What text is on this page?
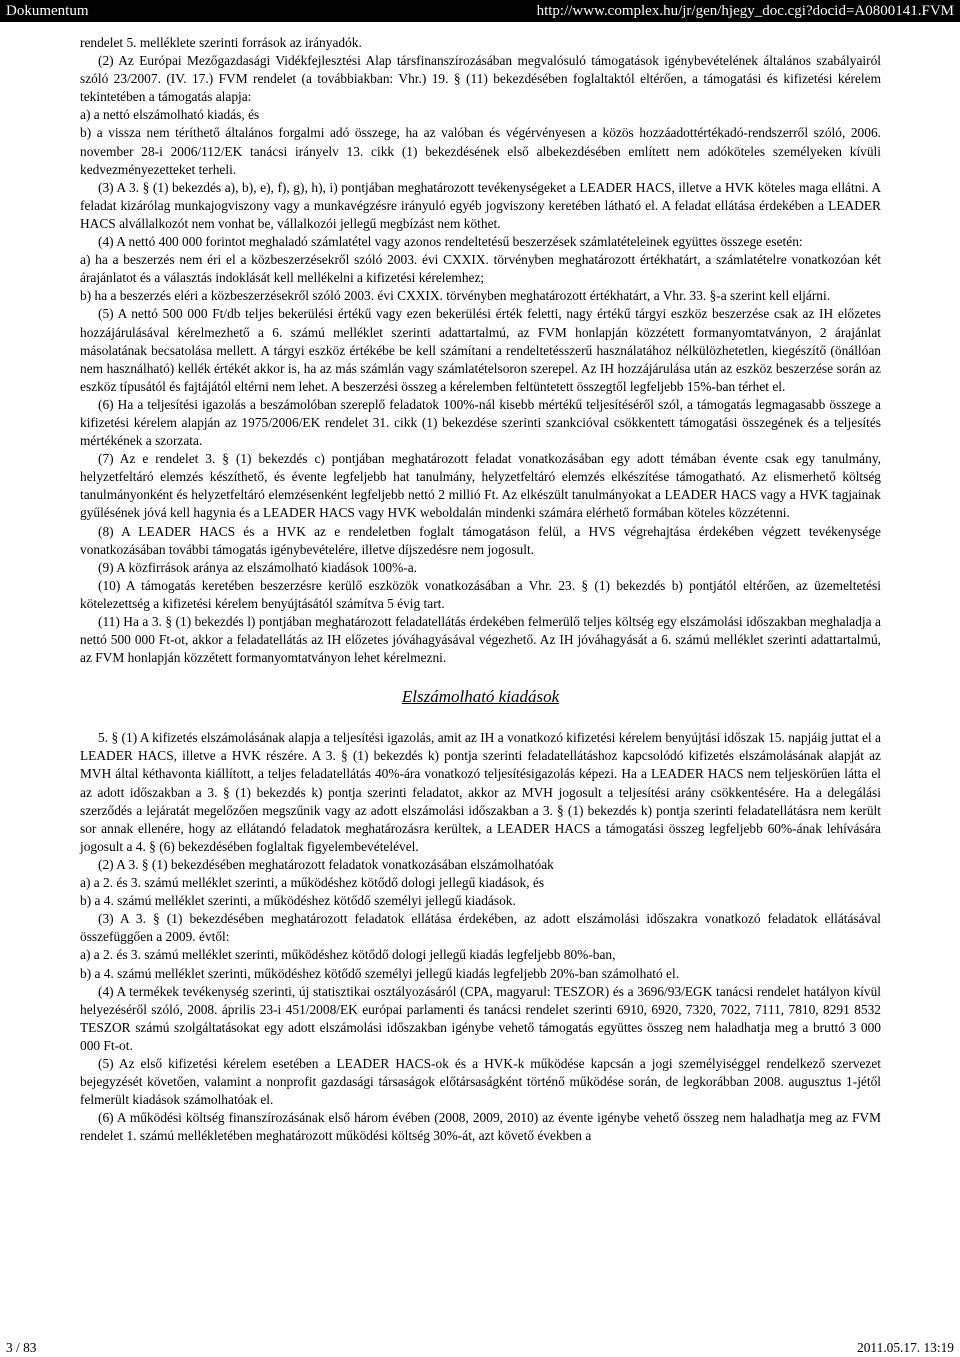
Dokumentum	http://www.complex.hu/jr/gen/hjegy_doc.cgi?docid=A0800141.FVM

rendelet 5. melléklete szerinti források az irányadók.

(2) Az Európai Mezőgazdasági Vidékfejlesztési Alap társfinanszírozásában megvalósuló támogatások igénybevételének általános szabályairól szóló 23/2007. (IV. 17.) FVM rendelet (a továbbiakban: Vhr.) 19. § (11) bekezdésében foglaltaktól eltérően, a támogatási és kifizetési kérelem tekintetében a támogatás alapja:

a) a nettó elszámolható kiadás, és

b) a vissza nem téríthető általános forgalmi adó összege, ha az valóban és végérvényesen a közös hozzáadottértékadó-rendszerről szóló, 2006. november 28-i 2006/112/EK tanácsi irányelv 13. cikk (1) bekezdésének első albekezdésében említett nem adóköteles személyeken kívüli kedvezményezetteket terheli.

(3) A 3. § (1) bekezdés a), b), e), f), g), h), i) pontjában meghatározott tevékenységeket a LEADER HACS, illetve a HVK köteles maga ellátni. A feladat kizárólag munkajogviszony vagy a munkavégzésre irányuló egyéb jogviszony keretében látható el. A feladat ellátása érdekében a LEADER HACS alvállalkozót nem vonhat be, vállalkozói jellegű megbízást nem köthet.

(4) A nettó 400 000 forintot meghaladó számlatétel vagy azonos rendeltetésű beszerzések számlatételeinek együttes összege esetén:

a) ha a beszerzés nem éri el a közbeszerzésekről szóló 2003. évi CXXIX. törvényben meghatározott értékhatárt, a számlatételre vonatkozóan két árajánlatot és a választás indoklását kell mellékelni a kifizetési kérelemhez;

b) ha a beszerzés eléri a közbeszerzésekről szóló 2003. évi CXXIX. törvényben meghatározott értékhatárt, a Vhr. 33. §-a szerint kell eljárni.

(5) A nettó 500 000 Ft/db teljes bekerülési értékű vagy ezen bekerülési érték feletti, nagy értékű tárgyi eszköz beszerzése csak az IH előzetes hozzájárulásával kérelmezhető a 6. számú melléklet szerinti adattartalmú, az FVM honlapján közzétett formanyomtatványon, 2 árajánlat másolatának becsatolása mellett. A tárgyi eszköz értékébe be kell számítani a rendeltetésszerű használatához nélkülözhetetlen, kiegészítő (önállóan nem használható) kellék értékét akkor is, ha az más számlán vagy számlatételsoron szerepel. Az IH hozzájárulása után az eszköz beszerzése során az eszköz típusától és fajtájától eltérni nem lehet. A beszerzési összeg a kérelemben feltüntetett összegtől legfeljebb 15%-ban térhet el.

(6) Ha a teljesítési igazolás a beszámolóban szereplő feladatok 100%-nál kisebb mértékű teljesítéséről szól, a támogatás legmagasabb összege a kifizetési kérelem alapján az 1975/2006/EK rendelet 31. cikk (1) bekezdése szerinti szankcióval csökkentett támogatási összegének és a teljesítés mértékének a szorzata.

(7) Az e rendelet 3. § (1) bekezdés c) pontjában meghatározott feladat vonatkozásában egy adott témában évente csak egy tanulmány, helyzetfeltáró elemzés készíthető, és évente legfeljebb hat tanulmány, helyzetfeltáró elemzés elkészítése támogatható. Az elismerhető költség tanulmányonként és helyzetfeltáró elemzésenként legfeljebb nettó 2 millió Ft. Az elkészült tanulmányokat a LEADER HACS vagy a HVK tagjainak gyűlésének jóvá kell hagynia és a LEADER HACS vagy HVK weboldalán mindenki számára elérhető formában köteles közzétenni.

(8) A LEADER HACS és a HVK az e rendeletben foglalt támogatáson felül, a HVS végrehajtása érdekében végzett tevékenysége vonatkozásában további támogatás igénybevételére, illetve díjszedésre nem jogosult.

(9) A közfirrások aránya az elszámolható kiadások 100%-a.

(10) A támogatás keretében beszerzésre kerülő eszközök vonatkozásában a Vhr. 23. § (1) bekezdés b) pontjától eltérően, az üzemeltetési kötelezettség a kifizetési kérelem benyújtásától számítva 5 évig tart.

(11) Ha a 3. § (1) bekezdés l) pontjában meghatározott feladatellátás érdekében felmerülő teljes költség egy elszámolási időszakban meghaladja a nettó 500 000 Ft-ot, akkor a feladatellátás az IH előzetes jóváhagyásával végezhető. Az IH jóváhagyását a 6. számú melléklet szerinti adattartalmú, az FVM honlapján közzétett formanyomtatványon lehet kérelmezni.

Elszámolható kiadások

5. § (1) A kifizetés elszámolásának alapja a teljesítési igazolás, amit az IH a vonatkozó kifizetési kérelem benyújtási időszak 15. napjáig juttat el a LEADER HACS, illetve a HVK részére. A 3. § (1) bekezdés k) pontja szerinti feladatellátáshoz kapcsolódó kifizetés elszámolásának alapját az MVH által kéthavonta kiállított, a teljes feladatellátás 40%-ára vonatkozó teljesítésigazolás képezi. Ha a LEADER HACS nem teljeskörűen látta el az adott időszakban a 3. § (1) bekezdés k) pontja szerinti feladatot, akkor az MVH jogosult a teljesítési arány csökkentésére. Ha a delegálási szerződés a lejáratát megelőzően megszűnik vagy az adott elszámolási időszakban a 3. § (1) bekezdés k) pontja szerinti feladatellátásra nem került sor annak ellenére, hogy az ellátandó feladatok meghatározásra kerültek, a LEADER HACS a támogatási összeg legfeljebb 60%-ának lehívására jogosult a 4. § (6) bekezdésében foglaltak figyelembevételével.

(2) A 3. § (1) bekezdésében meghatározott feladatok vonatkozásában elszámolhatóak

a) a 2. és 3. számú melléklet szerinti, a működéshez kötődő dologi jellegű kiadások, és

b) a 4. számú melléklet szerinti, a működéshez kötődő személyi jellegű kiadások.

(3) A 3. § (1) bekezdésében meghatározott feladatok ellátása érdekében, az adott elszámolási időszakra vonatkozó feladatok ellátásával összefüggően a 2009. évtől:

a) a 2. és 3. számú melléklet szerinti, működéshez kötődő dologi jellegű kiadás legfeljebb 80%-ban,

b) a 4. számú melléklet szerinti, működéshez kötődő személyi jellegű kiadás legfeljebb 20%-ban számolható el.

(4) A termékek tevékenység szerinti, új statisztikai osztályozásáról (CPA, magyarul: TESZOR) és a 3696/93/EGK tanácsi rendelet hatályon kívül helyezéséről szóló, 2008. április 23-i 451/2008/EK európai parlamenti és tanácsi rendelet szerinti 6910, 6920, 7320, 7022, 7111, 7810, 8291 8532 TESZOR számú szolgáltatásokat egy adott elszámolási időszakban igénybe vehető támogatás együttes összeg nem haladhatja meg a bruttó 3 000 000 Ft-ot.

(5) Az első kifizetési kérelem esetében a LEADER HACS-ok és a HVK-k működése kapcsán a jogi személyiséggel rendelkező szervezet bejegyzését követően, valamint a nonprofit gazdasági társaságok előtársaságként történő működése során, de legkorábban 2008. augusztus 1-jétől felmerült kiadások számolhatóak el.

(6) A működési költség finanszírozásának első három évében (2008, 2009, 2010) az évente igénybe vehető összeg nem haladhatja meg az FVM rendelet 1. számú mellékletében meghatározott működési költség 30%-át, azt követő években a

3 / 83	2011.05.17. 13:19
